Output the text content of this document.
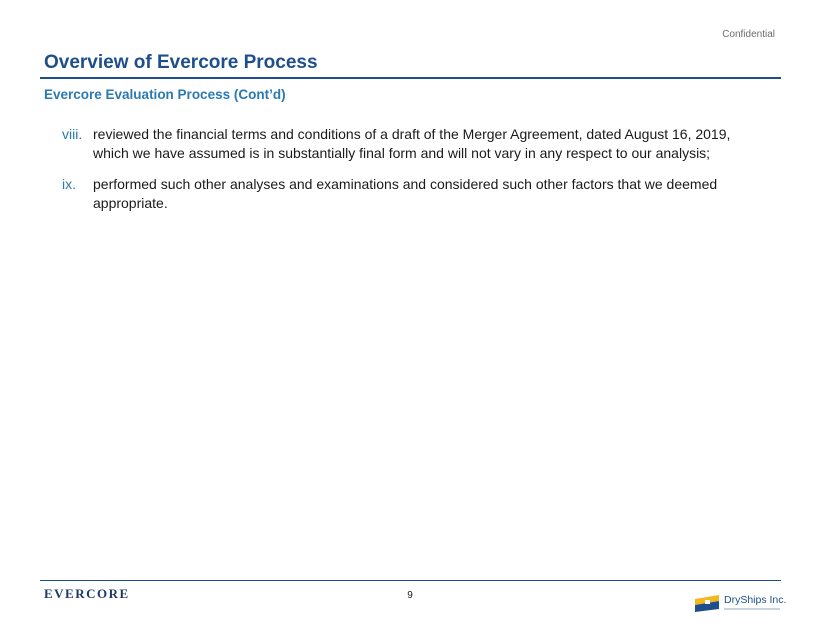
Confidential
Overview of Evercore Process
Evercore Evaluation Process (Cont’d)
viii. reviewed the financial terms and conditions of a draft of the Merger Agreement, dated August 16, 2019, which we have assumed is in substantially final form and will not vary in any respect to our analysis;
ix.	performed such other analyses and examinations and considered such other factors that we deemed appropriate.
EVERCORE	9	DryShips Inc.
